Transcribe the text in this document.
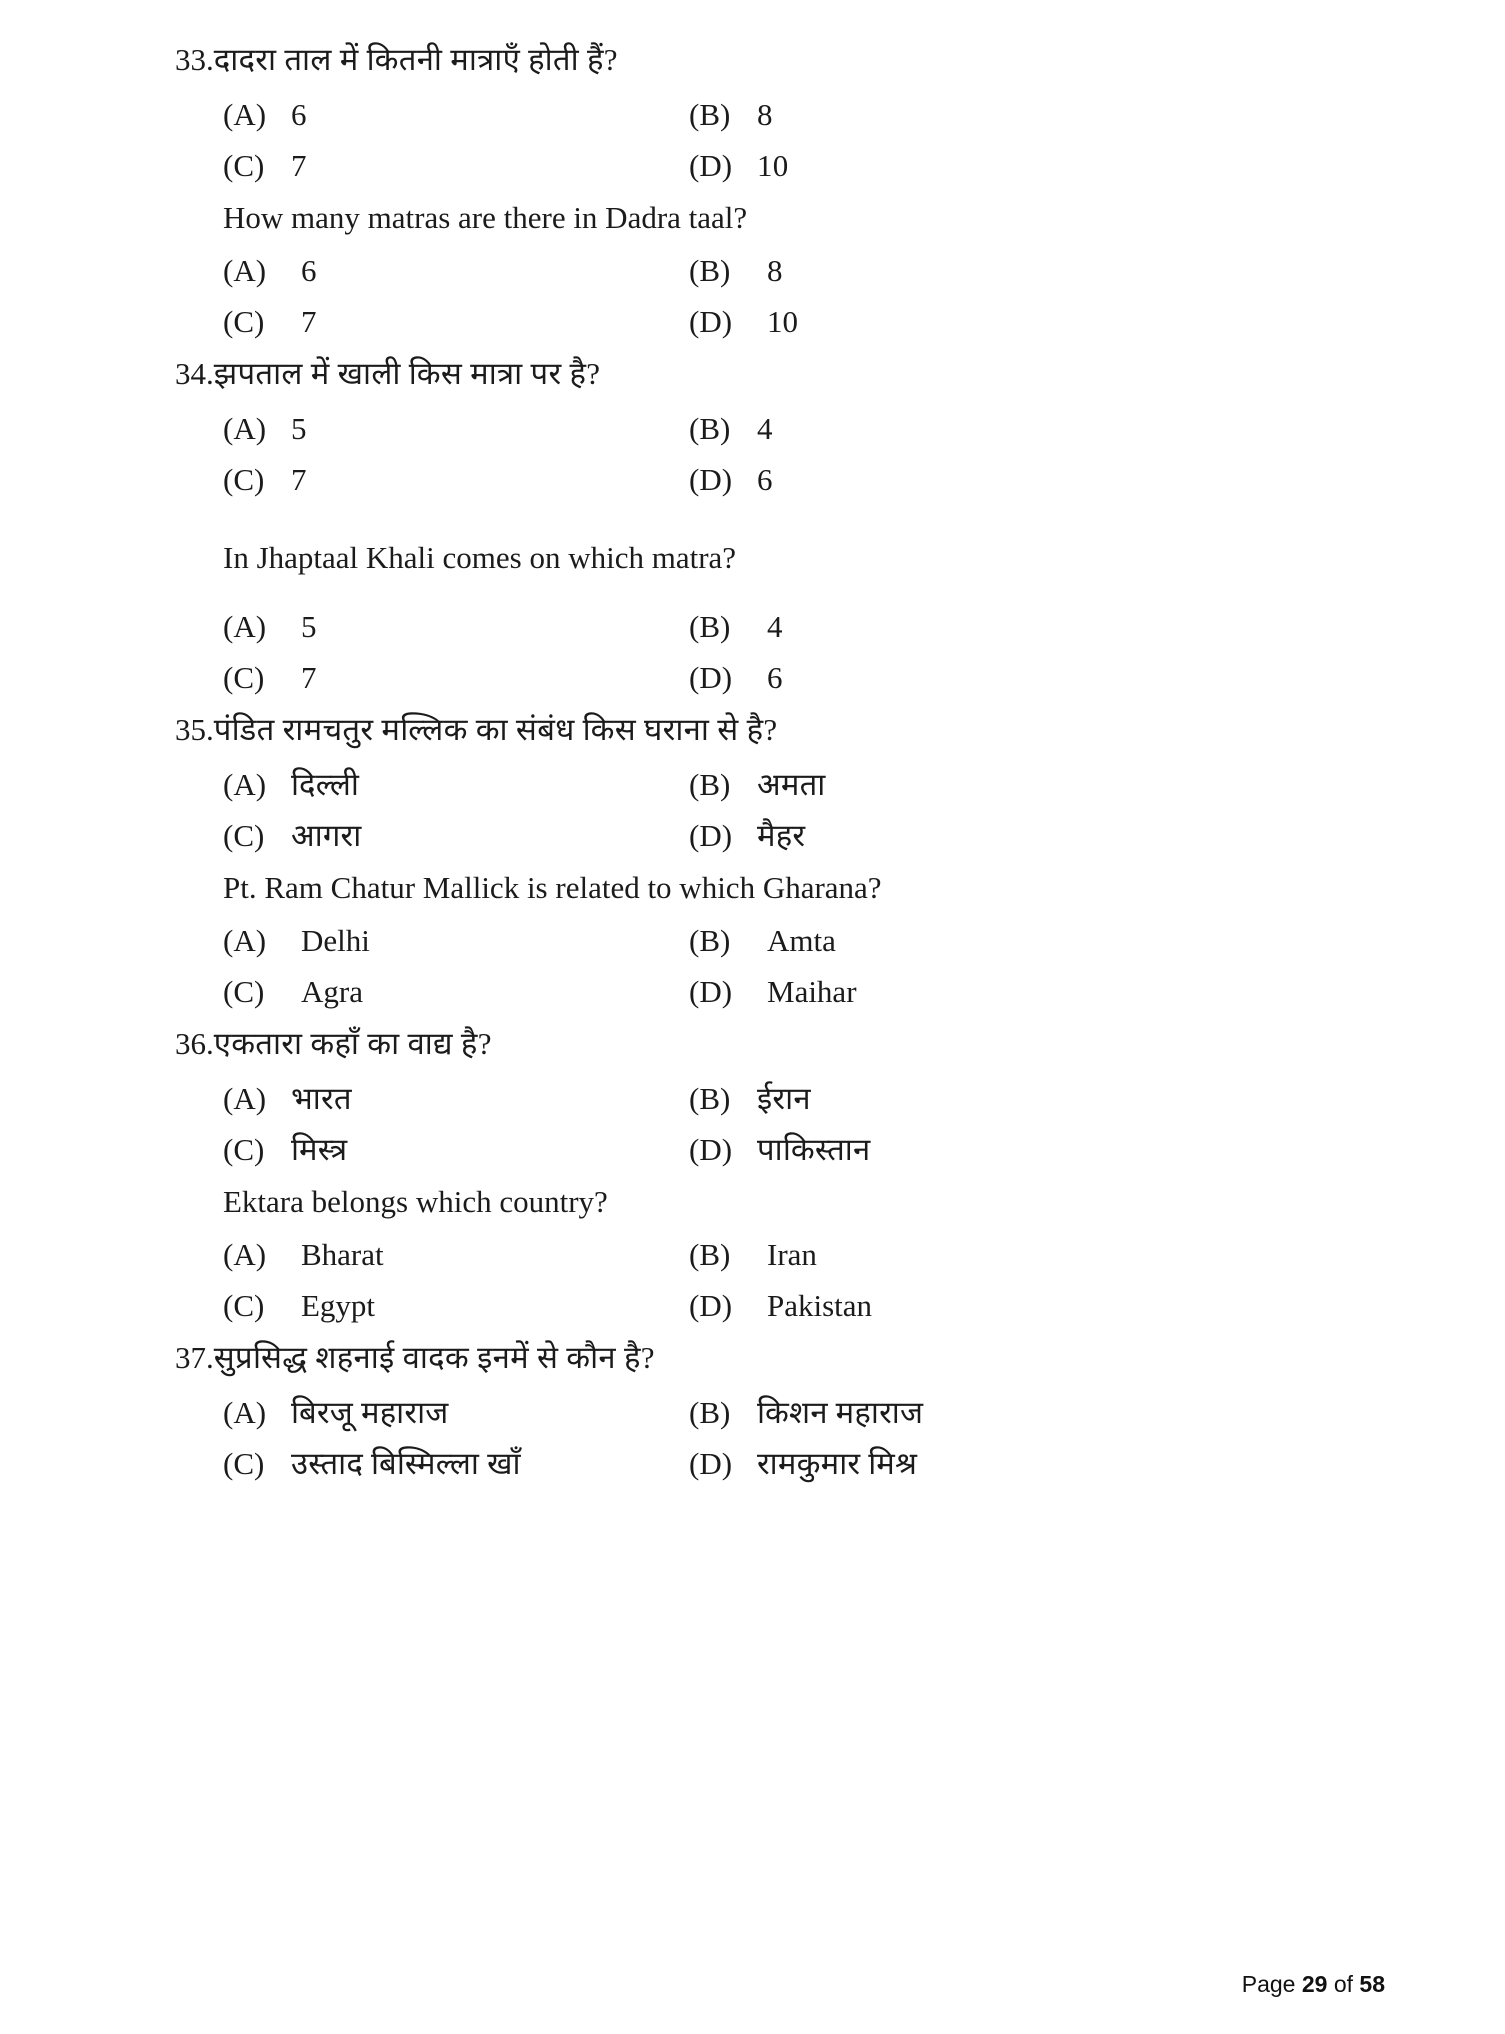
33. दादरा ताल में कितनी मात्राएँ होती हैं?
(A) 6	(B) 8
(C) 7	(D) 10
How many matras are there in Dadra taal?
(A)	6	(B)	8
(C)	7	(D)	10
34. झपताल में खाली किस मात्रा पर है?
(A) 5	(B) 4
(C) 7	(D) 6
In Jhaptaal Khali comes on which matra?
(A)	5	(B)	4
(C)	7	(D)	6
35. पंडित रामचतुर मल्लिक का संबंध किस घराना से है?
(A) दिल्ली	(B) अमता
(C) आगरा	(D) मैहर
Pt. Ram Chatur Mallick is related to which Gharana?
(A)	Delhi	(B)	Amta
(C)	Agra	(D)	Maihar
36. एकतारा कहाँ का वाद्य है?
(A) भारत	(B) ईरान
(C) मिस्त्र	(D) पाकिस्तान
Ektara belongs which country?
(A)	Bharat	(B)	Iran
(C)	Egypt	(D)	Pakistan
37. सुप्रसिद्ध शहनाई वादक इनमें से कौन है?
(A) बिरजू महाराज	(B) किशन महाराज
(C) उस्ताद बिस्मिल्ला खाँ	(D) रामकुमार मिश्र
Page 29 of 58
